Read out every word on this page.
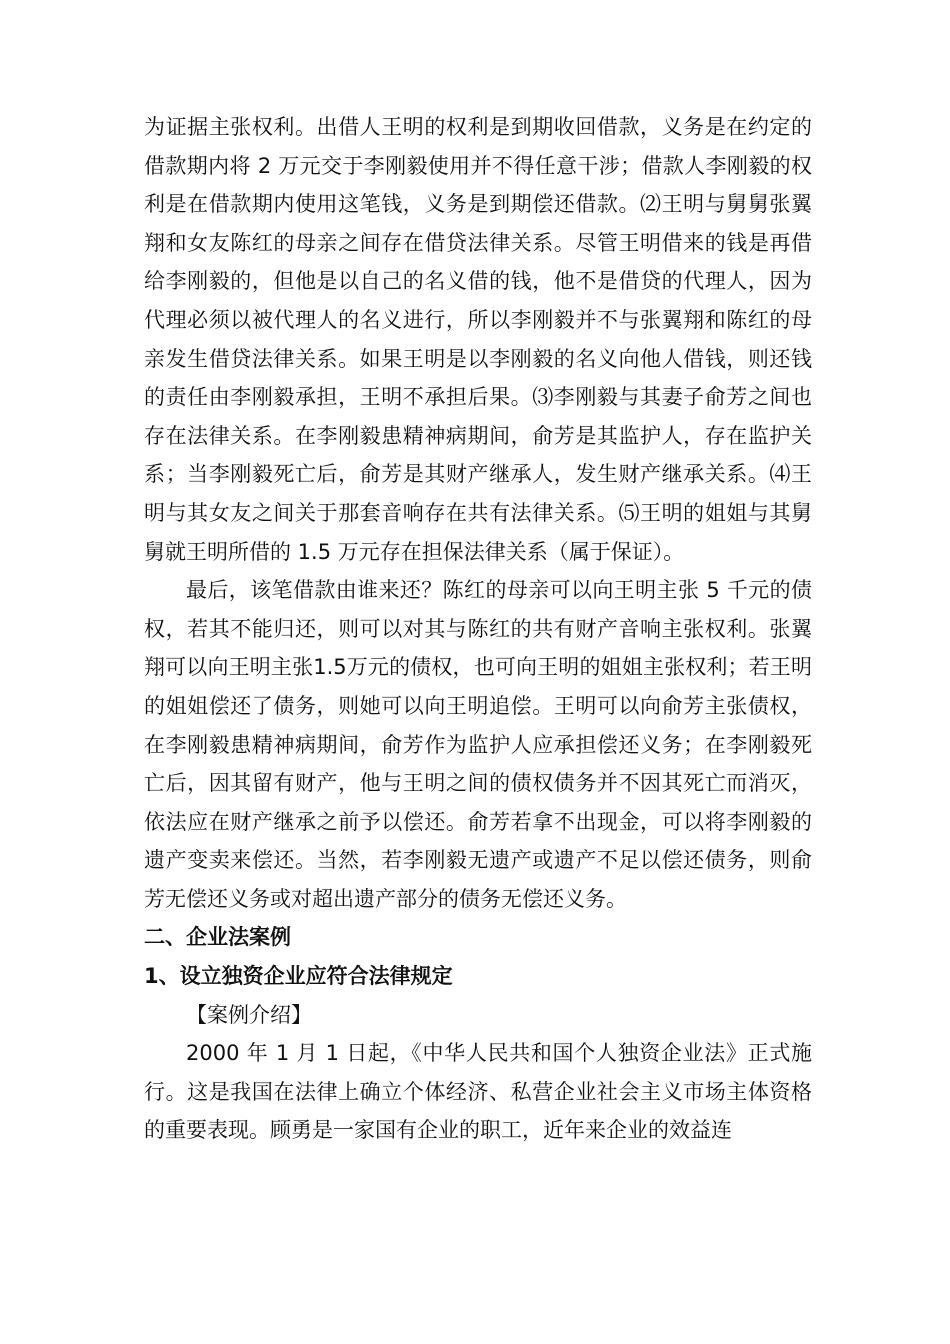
为证据主张权利。出借人王明的权利是到期收回借款，义务是在约定的借款期内将 2 万元交于李刚毅使用并不得任意干涉；借款人李刚毅的权利是在借款期内使用这笔钱，义务是到期偿还借款。⑵王明与舅舅张翼翔和女友陈红的母亲之间存在借贷法律关系。尽管王明借来的钱是再借给李刚毅的，但他是以自己的名义借的钱，他不是借贷的代理人，因为代理必须以被代理人的名义进行，所以李刚毅并不与张翼翔和陈红的母亲发生借贷法律关系。如果王明是以李刚毅的名义向他人借钱，则还钱的责任由李刚毅承担，王明不承担后果。⑶李刚毅与其妻子俞芳之间也存在法律关系。在李刚毅患精神病期间，俞芳是其监护人，存在监护关系；当李刚毅死亡后，俞芳是其财产继承人，发生财产继承关系。⑷王明与其女友之间关于那套音响存在共有法律关系。⑸王明的姐姐与其舅舅就王明所借的 1.5 万元存在担保法律关系（属于保证）。

最后，该笔借款由谁来还？陈红的母亲可以向王明主张 5 千元的债权，若其不能归还，则可以对其与陈红的共有财产音响主张权利。张翼翔可以向王明主张1.5万元的债权，也可向王明的姐姐主张权利；若王明的姐姐偿还了债务，则她可以向王明追偿。王明可以向俞芳主张债权，在李刚毅患精神病期间，俞芳作为监护人应承担偿还义务；在李刚毅死亡后，因其留有财产，他与王明之间的债权债务并不因其死亡而消灭，依法应在财产继承之前予以偿还。俞芳若拿不出现金，可以将李刚毅的遗产变卖来偿还。当然，若李刚毅无遗产或遗产不足以偿还债务，则俞芳无偿还义务或对超出遗产部分的债务无偿还义务。

二、企业法案例

1、设立独资企业应符合法律规定

【案例介绍】

2000 年 1 月 1 日起，《中华人民共和国个人独资企业法》正式施行。这是我国在法律上确立个体经济、私营企业社会主义市场主体资格的重要表现。顾勇是一家国有企业的职工，近年来企业的效益连
